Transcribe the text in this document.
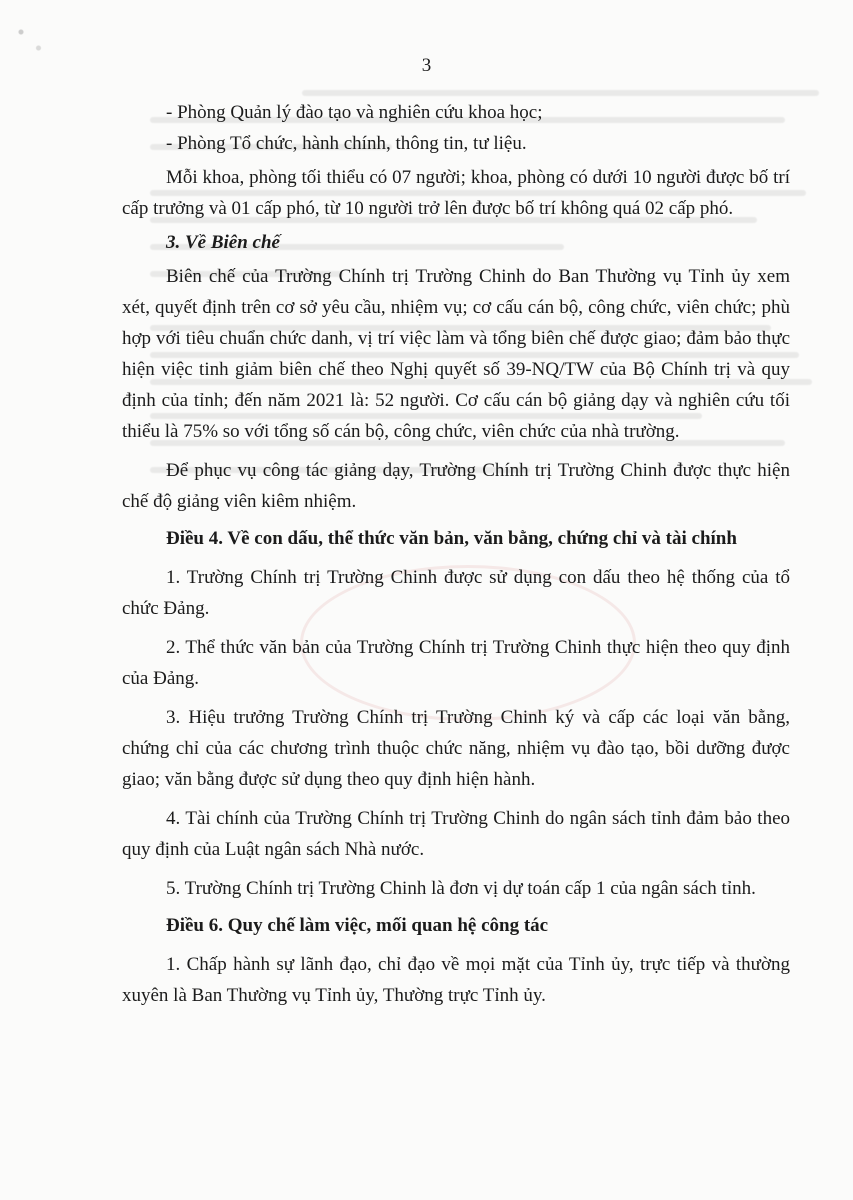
3

- Phòng Quản lý đào tạo và nghiên cứu khoa học;

- Phòng Tổ chức, hành chính, thông tin, tư liệu.

Mỗi khoa, phòng tối thiểu có 07 người; khoa, phòng có dưới 10 người được bố trí cấp trưởng và 01 cấp phó, từ 10 người trở lên được bố trí không quá 02 cấp phó.

3. Về Biên chế

Biên chế của Trường Chính trị Trường Chinh do Ban Thường vụ Tỉnh ủy xem xét, quyết định trên cơ sở yêu cầu, nhiệm vụ; cơ cấu cán bộ, công chức, viên chức; phù hợp với tiêu chuẩn chức danh, vị trí việc làm và tổng biên chế được giao; đảm bảo thực hiện việc tinh giảm biên chế theo Nghị quyết số 39-NQ/TW của Bộ Chính trị và quy định của tỉnh; đến năm 2021 là: 52 người. Cơ cấu cán bộ giảng dạy và nghiên cứu tối thiểu là 75% so với tổng số cán bộ, công chức, viên chức của nhà trường.

Để phục vụ công tác giảng dạy, Trường Chính trị Trường Chinh được thực hiện chế độ giảng viên kiêm nhiệm.

Điều 4. Về con dấu, thể thức văn bản, văn bằng, chứng chỉ và tài chính

1. Trường Chính trị Trường Chinh được sử dụng con dấu theo hệ thống của tổ chức Đảng.

2. Thể thức văn bản của Trường Chính trị Trường Chinh thực hiện theo quy định của Đảng.

3. Hiệu trưởng Trường Chính trị Trường Chinh ký và cấp các loại văn bằng, chứng chỉ của các chương trình thuộc chức năng, nhiệm vụ đào tạo, bồi dưỡng được giao; văn bằng được sử dụng theo quy định hiện hành.

4. Tài chính của Trường Chính trị Trường Chinh do ngân sách tỉnh đảm bảo theo quy định của Luật ngân sách Nhà nước.

5. Trường Chính trị Trường Chinh là đơn vị dự toán cấp 1 của ngân sách tỉnh.

Điều 6. Quy chế làm việc, mối quan hệ công tác

1. Chấp hành sự lãnh đạo, chỉ đạo về mọi mặt của Tỉnh ủy, trực tiếp và thường xuyên là Ban Thường vụ Tỉnh ủy, Thường trực Tỉnh ủy.
